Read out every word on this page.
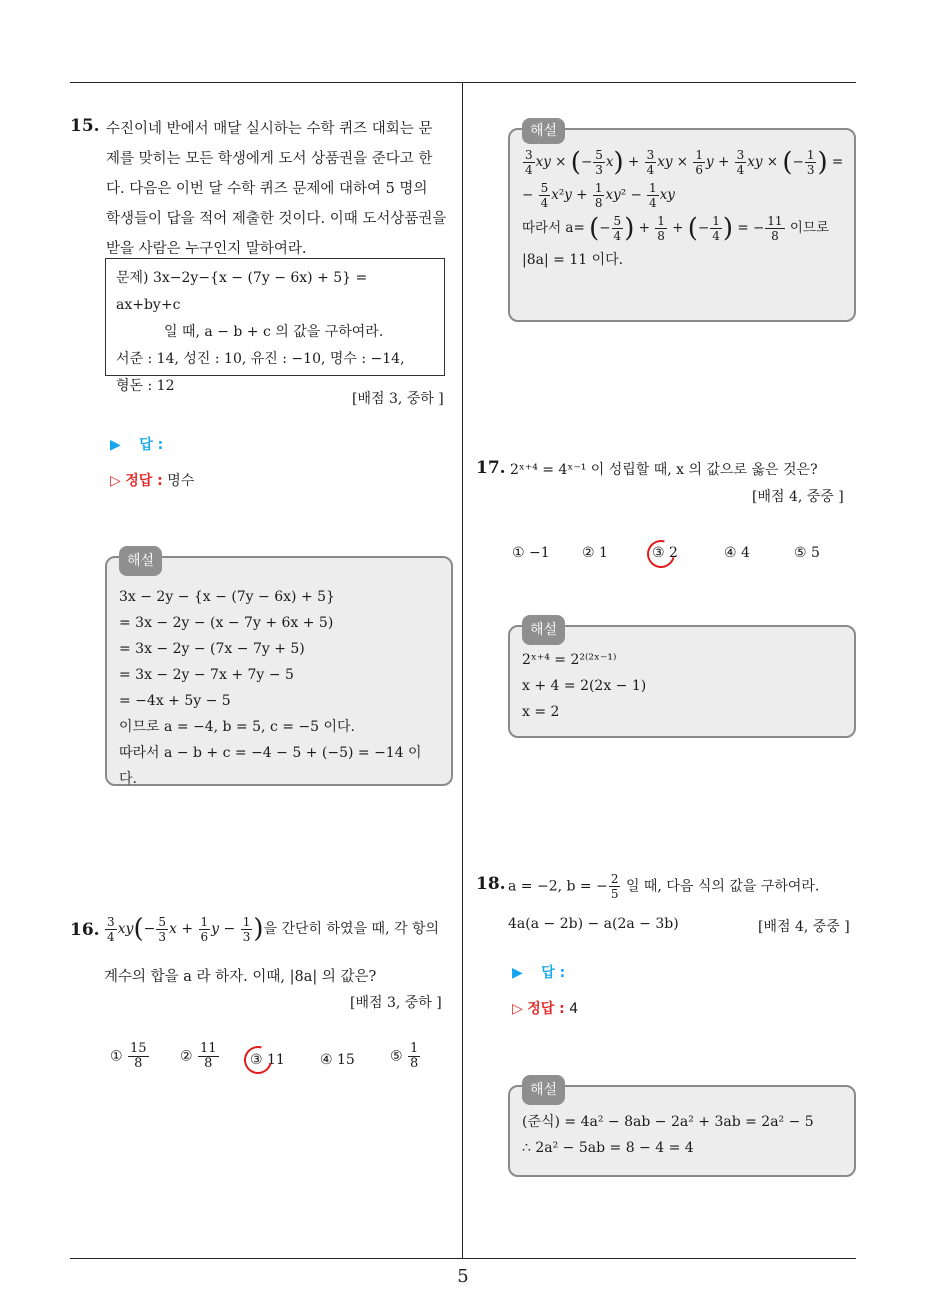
5
15. 수진이네 반에서 매달 실시하는 수학 퀴즈 대회는 문
제를 맞히는 모든 학생에게 도서 상품권을 준다고 한
다. 다음은 이번 달 수학 퀴즈 문제에 대하여 5 명의
학생들이 답을 적어 제출한 것이다. 이때 도서상품권을
받을 사람은 누구인지 말하여라.
문제) 3x−2y−{x − (7y − 6x) + 5} = ax+by+c
일 때, a − b + c 의 값을 구하여라.
서준 : 14, 성진 : 10, 유진 : −10, 명수 : −14,
형돈 : 12
[배점 3, 중하 ]
▶ 답 :
▷ 정답 : 명수
해설
3x − 2y − {x − (7y − 6x) + 5}
= 3x − 2y − (x − 7y + 6x + 5)
= 3x − 2y − (7x − 7y + 5)
= 3x − 2y − 7x + 7y − 5
= −4x + 5y − 5
이므로 a = −4, b = 5, c = −5 이다.
따라서 a − b + c = −4 − 5 + (−5) = −14 이다.
16. $\frac{3}{4} xy(- \frac{5}{3}$ $x + \frac{1}{6}$ $y - \frac{1}{3}$ )을 간단히 하였을 때, 각 항의
계수의 합을 a 라 하자. 이때, |8a| 의 값은?
[배점 3, 중하 ]
① $\frac{15}{8}$ ② $\frac{11}{8}$ ③ 11	④ 15	⑤ $\frac{1}{8}$
해설
$\frac{3}{4}$ xy × (− $\frac{5}{3} x) + \frac{3}{4}$ xy × $\frac{1}{6}$ $y + \frac{3}{4}$ xy × (− $\frac{1}{3}$ ) =
− $\frac{5}{4} x^2y + \frac{1}{8} xy^2 - \frac{1}{4}$ xy
따라서 a= (− $\frac{5}{4}$ ) + $\frac{1}{8}$ + (− $\frac{1}{4}$ ) = − $\frac{11}{8}$ 이므로
|8a| = 11 이다.
17. 2ˣ⁺⁴ = 4ˣ⁻¹ 이 성립할 때, x 의 값으로 옳은 것은?
[배점 4, 중중 ]
① −1 ② 1	③ 2	④ 4	⑤ 5
해설
2ˣ⁺⁴ = 2²⁽²ˣ⁻¹⁾
x + 4 = 2(2x − 1)
x = 2
18. a = −2, b = − $\frac{2}{5}$ 일 때, 다음 식의 값을 구하여라.
4a(a − 2b) − a(2a − 3b)	[배점 4, 중중 ]
▶ 답 :
▷ 정답 : 4
해설
(준식) = 4a² − 8ab − 2a² + 3ab = 2a² − 5
∴ 2a² − 5ab = 8 − 4 = 4
